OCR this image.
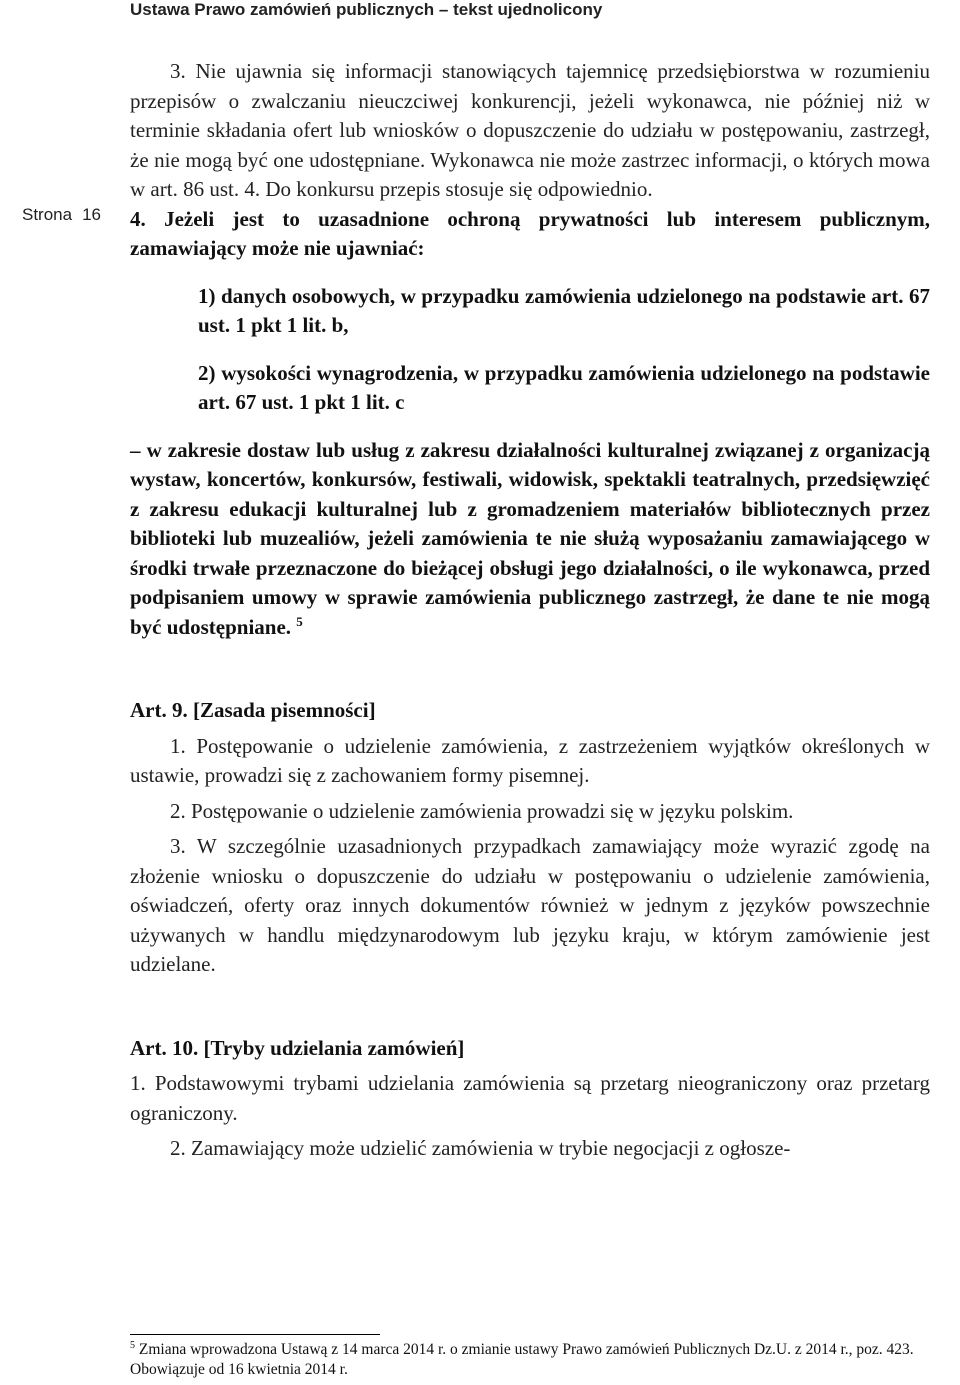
Ustawa Prawo zamówień publicznych – tekst ujednolicony
Strona 16

3. Nie ujawnia się informacji stanowiących tajemnicę przedsiębiorstwa w rozumieniu przepisów o zwalczaniu nieuczciwej konkurencji, jeżeli wykonawca, nie później niż w terminie składania ofert lub wniosków o dopuszczenie do udziału w postępowaniu, zastrzegł, że nie mogą być one udostępniane. Wykonawca nie może zastrzec informacji, o których mowa w art. 86 ust. 4. Do konkursu przepis stosuje się odpowiednio.

4. Jeżeli jest to uzasadnione ochroną prywatności lub interesem publicznym, zamawiający może nie ujawniać:

1) danych osobowych, w przypadku zamówienia udzielonego na podstawie art. 67 ust. 1 pkt 1 lit. b,

2) wysokości wynagrodzenia, w przypadku zamówienia udzielonego na podstawie art. 67 ust. 1 pkt 1 lit. c

– w zakresie dostaw lub usług z zakresu działalności kulturalnej związanej z organizacją wystaw, koncertów, konkursów, festiwali, widowisk, spektakli teatralnych, przedsięwzięć z zakresu edukacji kulturalnej lub z gromadzeniem materiałów bibliotecznych przez biblioteki lub muzealiów, jeżeli zamówienia te nie służą wyposażaniu zamawiającego w środki trwałe przeznaczone do bieżącej obsługi jego działalności, o ile wykonawca, przed podpisaniem umowy w sprawie zamówienia publicznego zastrzegł, że dane te nie mogą być udostępniane. $^5$

Art. 9. [Zasada pisemności]

1. Postępowanie o udzielenie zamówienia, z zastrzeżeniem wyjątków określonych w ustawie, prowadzi się z zachowaniem formy pisemnej.

2. Postępowanie o udzielenie zamówienia prowadzi się w języku polskim.

3. W szczególnie uzasadnionych przypadkach zamawiający może wyrazić zgodę na złożenie wniosku o dopuszczenie do udziału w postępowaniu o udzielenie zamówienia, oświadczeń, oferty oraz innych dokumentów również w jednym z języków powszechnie używanych w handlu międzynarodowym lub języku kraju, w którym zamówienie jest udzielane.

Art. 10. [Tryby udzielania zamówień]

1. Podstawowymi trybami udzielania zamówienia są przetarg nieograniczony oraz przetarg ograniczony.

2. Zamawiający może udzielić zamówienia w trybie negocjacji z ogłosze-

$^5$ Zmiana wprowadzona Ustawą z 14 marca 2014 r. o zmianie ustawy Prawo zamówień Publicznych Dz.U. z 2014 r., poz. 423. Obowiązuje od 16 kwietnia 2014 r.
